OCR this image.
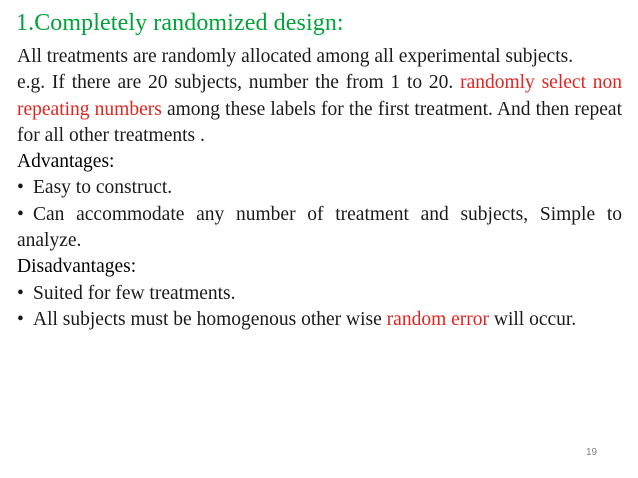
1.Completely randomized design:

All treatments are randomly allocated among all experimental subjects.

e.g. If there are 20 subjects, number the from 1 to 20. randomly select non repeating numbers among these labels for the first treatment. And then repeat for all other treatments .

Advantages:

• Easy to construct.

• Can accommodate any number of treatment and subjects, Simple to analyze.

Disadvantages:

• Suited for few treatments.

• All subjects must be homogenous other wise random error will occur.

19
